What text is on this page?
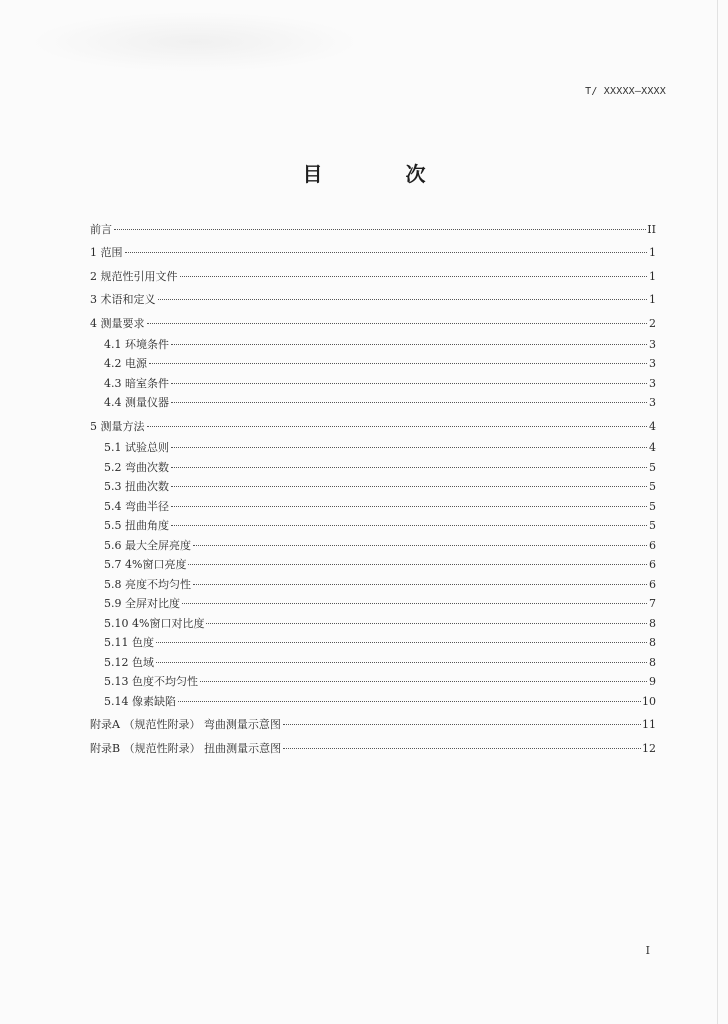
T/ XXXXX—XXXX
目 次
前言	II
1 范围	1
2 规范性引用文件	1
3 术语和定义	1
4 测量要求	2
4.1 环境条件	3
4.2 电源	3
4.3 暗室条件	3
4.4 测量仪器	3
5 测量方法	4
5.1 试验总则	4
5.2 弯曲次数	5
5.3 扭曲次数	5
5.4 弯曲半径	5
5.5 扭曲角度	5
5.6 最大全屏亮度	6
5.7 4%窗口亮度	6
5.8 亮度不均匀性	6
5.9 全屏对比度	7
5.10 4%窗口对比度	8
5.11 色度	8
5.12 色域	8
5.13 色度不均匀性	9
5.14 像素缺陷	10
附录A （规范性附录） 弯曲测量示意图	11
附录B （规范性附录） 扭曲测量示意图	12
I
